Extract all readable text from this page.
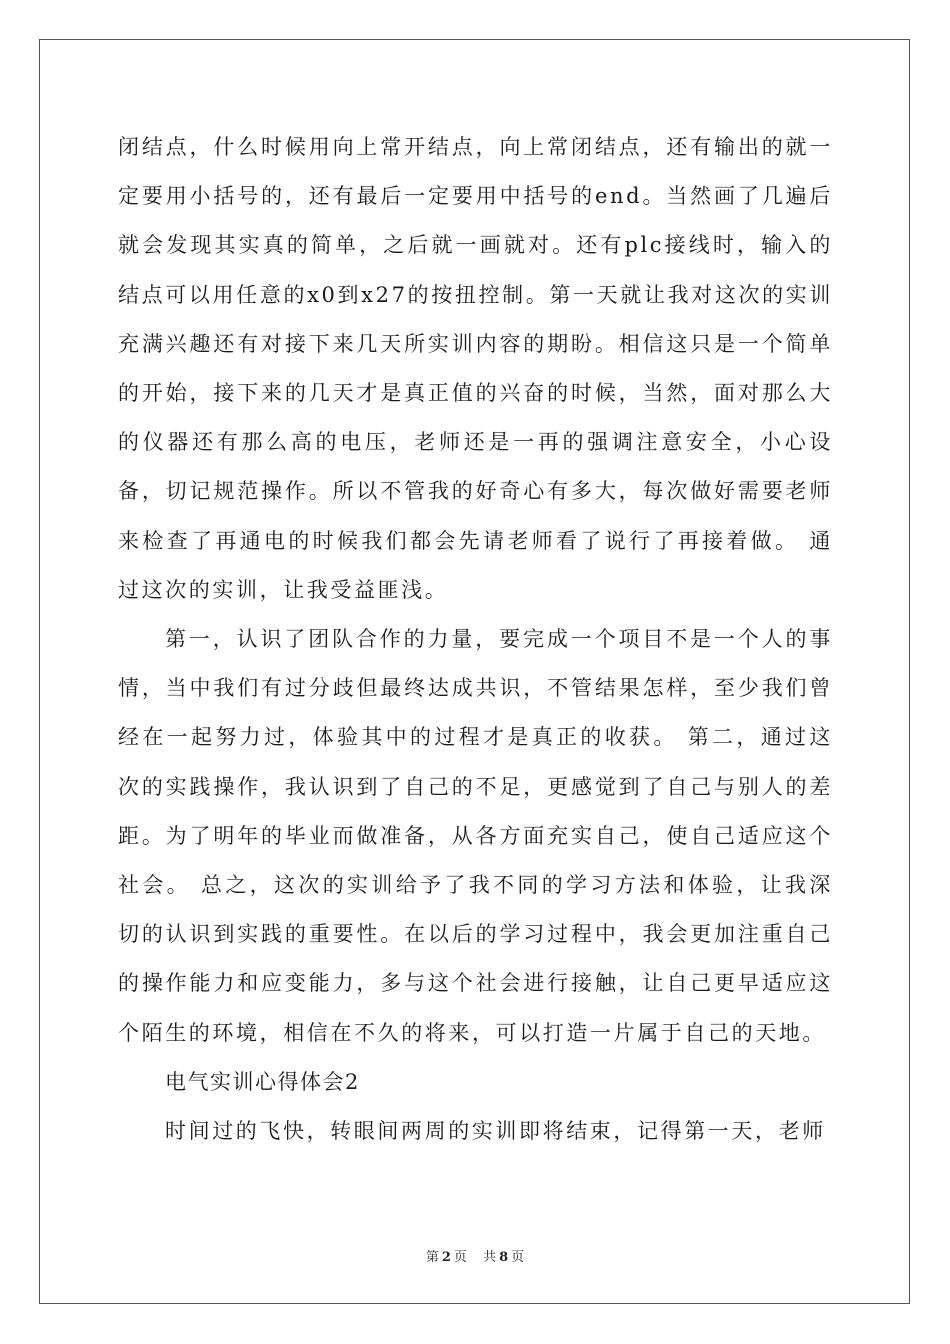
闭结点，什么时候用向上常开结点，向上常闭结点，还有输出的就一定要用小括号的，还有最后一定要用中括号的end。当然画了几遍后就会发现其实真的简单，之后就一画就对。还有plc接线时，输入的结点可以用任意的x0到x27的按扭控制。第一天就让我对这次的实训充满兴趣还有对接下来几天所实训内容的期盼。相信这只是一个简单的开始，接下来的几天才是真正值的兴奋的时候，当然，面对那么大的仪器还有那么高的电压，老师还是一再的强调注意安全，小心设备，切记规范操作。所以不管我的好奇心有多大，每次做好需要老师来检查了再通电的时候我们都会先请老师看了说行了再接着做。 通过这次的实训，让我受益匪浅。

第一，认识了团队合作的力量，要完成一个项目不是一个人的事情，当中我们有过分歧但最终达成共识，不管结果怎样，至少我们曾经在一起努力过，体验其中的过程才是真正的收获。 第二，通过这次的实践操作，我认识到了自己的不足，更感觉到了自己与别人的差距。为了明年的毕业而做准备，从各方面充实自己，使自己适应这个社会。 总之，这次的实训给予了我不同的学习方法和体验，让我深切的认识到实践的重要性。在以后的学习过程中，我会更加注重自己的操作能力和应变能力，多与这个社会进行接触，让自己更早适应这个陌生的环境，相信在不久的将来，可以打造一片属于自己的天地。

电气实训心得体会2

时间过的飞快，转眼间两周的实训即将结束，记得第一天，老师

第 2 页 共 8 页
